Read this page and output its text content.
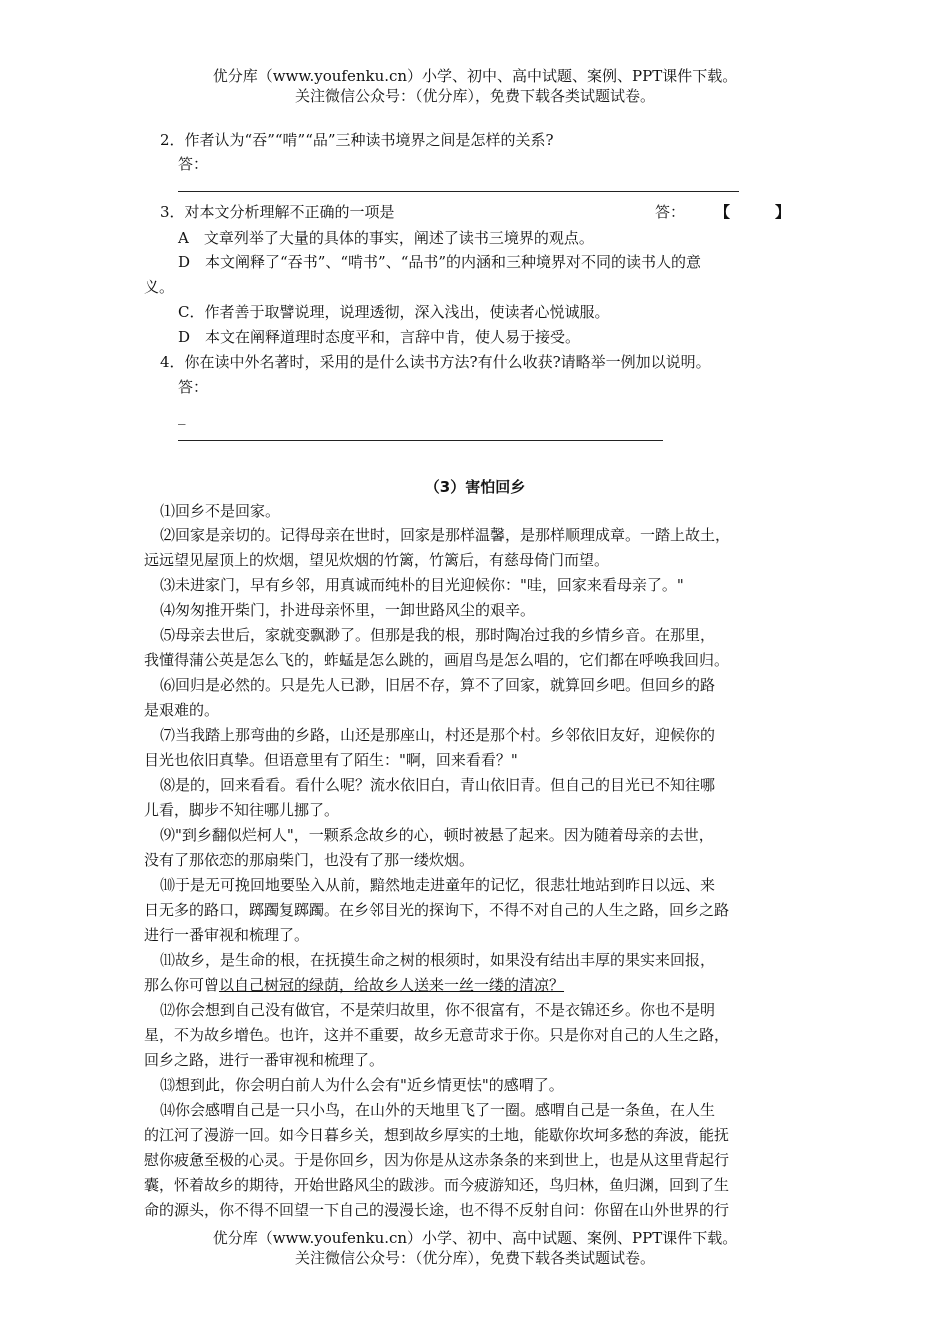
优分库（www.youfenku.cn）小学、初中、高中试题、案例、PPT课件下载。
关注微信公众号：（优分库），免费下载各类试题试卷。
2．作者认为“吞”“啃”“品”三种读书境界之间是怎样的关系?
答：
3．对本文分析理解不正确的一项是	答： 【　　　】
A　文章列举了大量的具体的事实，阐述了读书三境界的观点。
D　本文阐释了“吞书”、“啃书”、“品书”的内涵和三种境界对不同的读书人的意
义。
C．作者善于取譬说理，说理透彻，深入浅出，使读者心悦诚服。
D　本文在阐释道理时态度平和，言辞中肯，使人易于接受。
4．你在读中外名著时，采用的是什么读书方法?有什么收获?请略举一例加以说明。
答：
_
（3）害怕回乡
⑴回乡不是回家。
⑵回家是亲切的。记得母亲在世时，回家是那样温馨，是那样顺理成章。一踏上故土，
远远望见屋顶上的炊烟，望见炊烟的竹篱，竹篱后，有慈母倚门而望。
⑶未进家门，早有乡邻，用真诚而纯朴的目光迎候你："哇，回家来看母亲了。"
⑷匆匆推开柴门，扑进母亲怀里，一卸世路风尘的艰辛。
⑸母亲去世后，家就变飘渺了。但那是我的根，那时陶冶过我的乡情乡音。在那里，
我懂得蒲公英是怎么飞的，蚱蜢是怎么跳的，画眉鸟是怎么唱的，它们都在呼唤我回归。
⑹回归是必然的。只是先人已渺，旧居不存，算不了回家，就算回乡吧。但回乡的路
是艰难的。
⑺当我踏上那弯曲的乡路，山还是那座山，村还是那个村。乡邻依旧友好，迎候你的
目光也依旧真挚。但语意里有了陌生："啊，回来看看？"
⑻是的，回来看看。看什么呢？流水依旧白，青山依旧青。但自己的目光已不知往哪
儿看，脚步不知往哪儿挪了。
⑼"到乡翻似烂柯人"，一颗系念故乡的心，顿时被悬了起来。因为随着母亲的去世，
没有了那依恋的那扇柴门，也没有了那一缕炊烟。
⑽于是无可挽回地要坠入从前，黯然地走进童年的记忆，很悲壮地站到昨日以远、来
日无多的路口，踯躅复踯躅。在乡邻目光的探询下，不得不对自己的人生之路，回乡之路
进行一番审视和梳理了。
⑾故乡，是生命的根，在抚摸生命之树的根须时，如果没有结出丰厚的果实来回报，
那么你可曾以自己树冠的绿荫，给故乡人送来一丝一缕的清凉？
⑿你会想到自己没有做官，不是荣归故里，你不很富有，不是衣锦还乡。你也不是明
星，不为故乡增色。也许，这并不重要，故乡无意苛求于你。只是你对自己的人生之路，
回乡之路，进行一番审视和梳理了。
⒀想到此，你会明白前人为什么会有"近乡情更怯"的感喟了。
⒁你会感喟自己是一只小鸟，在山外的天地里飞了一圈。感喟自己是一条鱼，在人生
的江河了漫游一回。如今日暮乡关，想到故乡厚实的土地，能歇你坎坷多愁的奔波，能抚
慰你疲惫至极的心灵。于是你回乡，因为你是从这赤条条的来到世上，也是从这里背起行
囊，怀着故乡的期待，开始世路风尘的跋涉。而今疲游知还，鸟归林，鱼归渊，回到了生
命的源头，你不得不回望一下自己的漫漫长途，也不得不反射自问：你留在山外世界的行
优分库（www.youfenku.cn）小学、初中、高中试题、案例、PPT课件下载。
关注微信公众号：（优分库），免费下载各类试题试卷。
